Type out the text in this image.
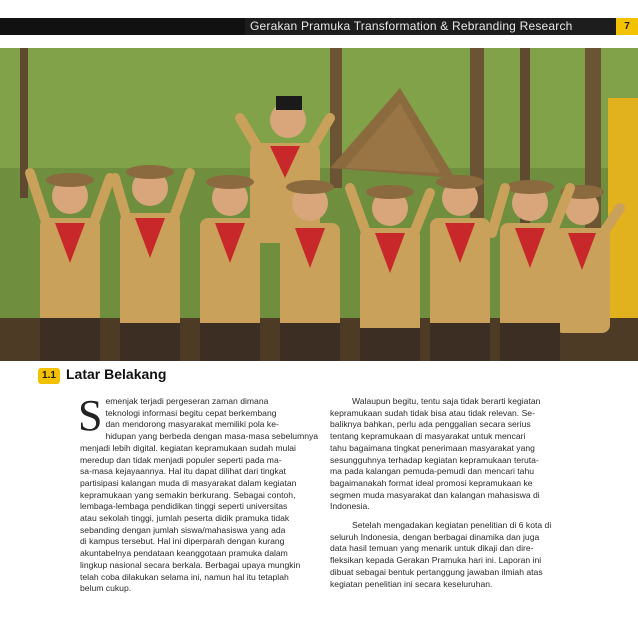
Gerakan Pramuka Transformation & Rebranding Research	7
1.1 Latar Belakang
S emenjak terjadi pergeseran zaman dimana
teknologi informasi begitu cepat berkembang
dan mendorong masyarakat memiliki pola ke-
hidupan yang berbeda dengan masa-masa sebelumnya
menjadi lebih digital. kegiatan kepramukaan sudah mulai
meredup dan tidak menjadi populer seperti pada ma-
sa-masa kejayaannya. Hal itu dapat dilihat dari tingkat
partisipasi kalangan muda di masyarakat dalam kegiatan
kepramukaan yang semakin berkurang. Sebagai contoh,
lembaga-lembaga pendidikan tinggi seperti universitas
atau sekolah tinggi, jumlah peserta didik pramuka tidak
sebanding dengan jumlah siswa/mahasiswa yang ada
di kampus tersebut. Hal ini diperparah dengan kurang
akuntabelnya pendataan keanggotaan pramuka dalam
lingkup nasional secara berkala. Berbagai upaya mungkin
telah coba dilakukan selama ini, namun hal itu tetaplah
belum cukup.
Walaupun begitu, tentu saja tidak berarti kegiatan
kepramukaan sudah tidak bisa atau tidak relevan. Se-
baliknya bahkan, perlu ada penggalian secara serius
tentang kepramukaan di masyarakat untuk mencari
tahu bagaimana tingkat penerimaan masyarakat yang
sesungguhnya terhadap kegiatan kepramukaan teruta-
ma pada kalangan pemuda-pemudi dan mencari tahu
bagaimanakah format ideal promosi kepramukaan ke
segmen muda masyarakat dan kalangan mahasiswa di
Indonesia.
Setelah mengadakan kegiatan penelitian di 6 kota di
seluruh Indonesia, dengan berbagai dinamika dan juga
data hasil temuan yang menarik untuk dikaji dan dire-
fleksikan kepada Gerakan Pramuka hari ini. Laporan ini
dibuat sebagai bentuk pertanggung jawaban ilmiah atas
kegiatan penelitian ini secara keseluruhan.
